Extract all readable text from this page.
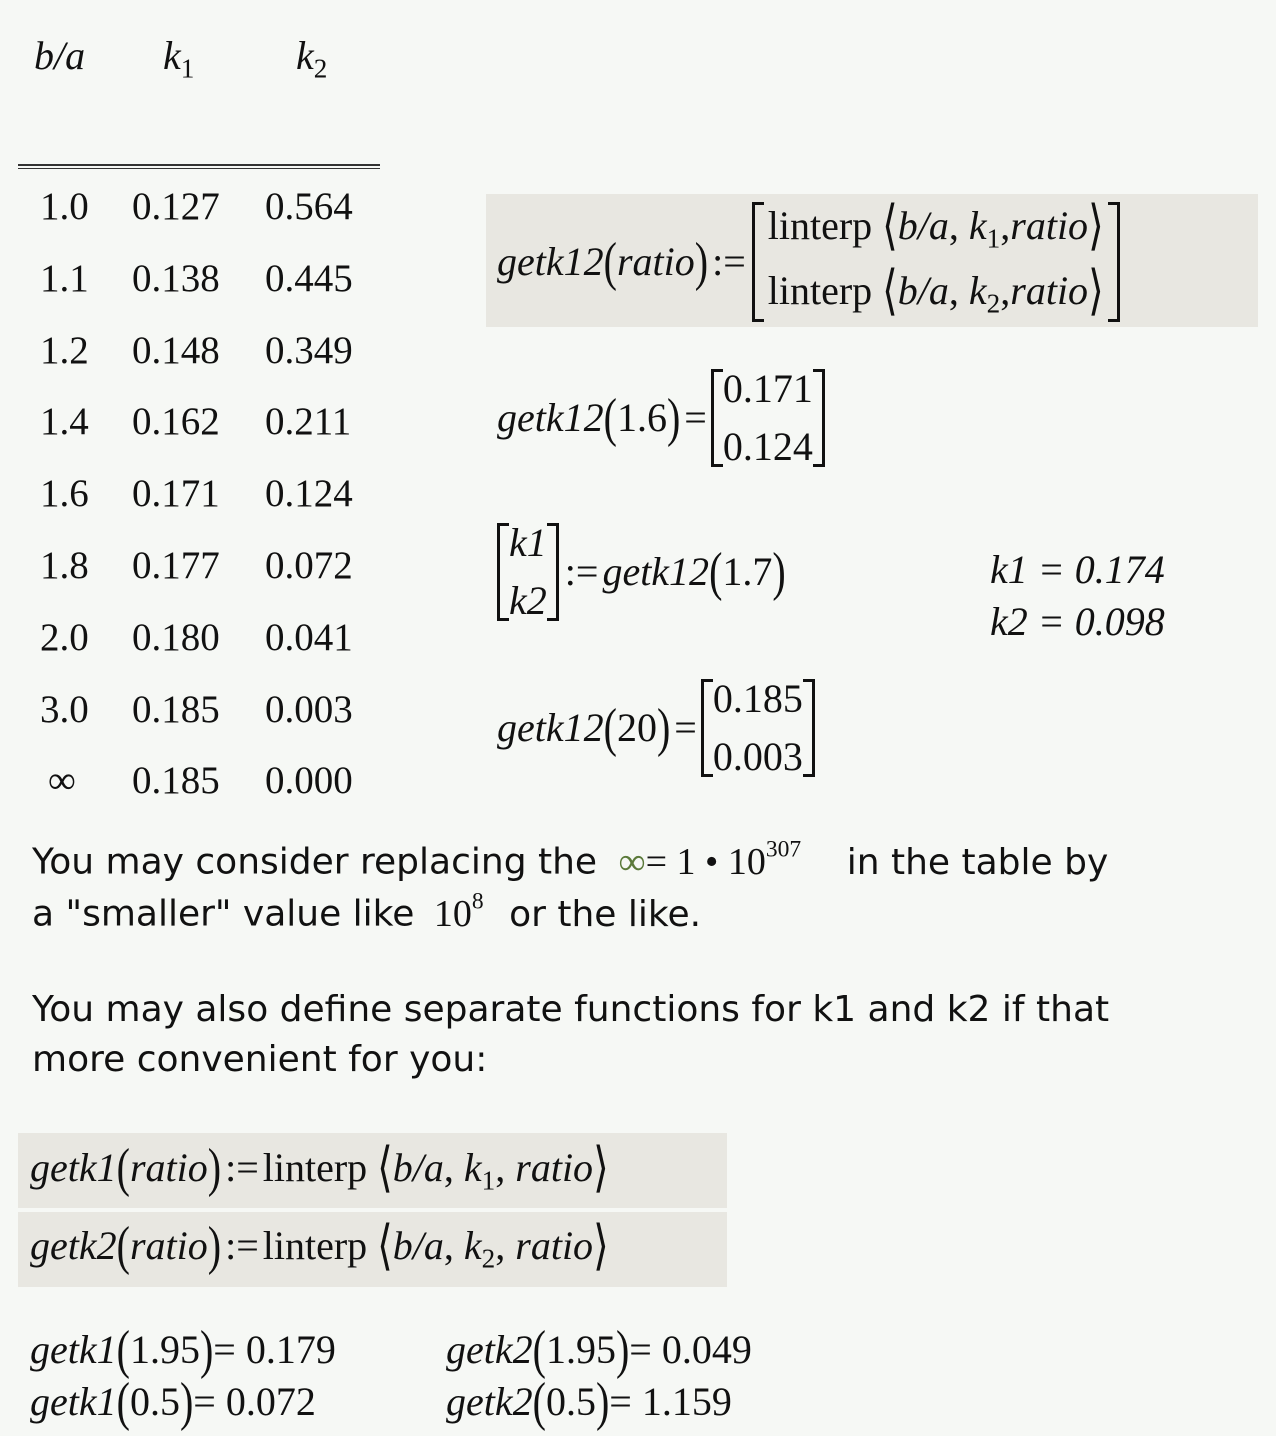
b/a $k_1$	$k_2$
1.0 0.127 0.564
1.1 0.138 0.445
1.2 0.148 0.349
1.4 0.162 0.211
1.6 0.171 0.124
1.8 0.177 0.072
2.0 0.180 0.041
3.0 0.185 0.003
∞ 0.185 0.000
getk12 ( ratio ) :=
linterp ⟨b/a, $k_1,ratio⟩$
linterp ⟨b/a, $k_2,ratio⟩$
getk12 ( 1.6 ) =
0.171
0.124
k1
k2
:= getk12 ( 1.7 )	k1 = 0.174
k2 = 0.098
getk12 ( 20 ) =
0.185
0.003
You may consider replacing the ∞= 1 • $10^{307}$ in the table by
a "smaller" value like $10^8$ or the like.
You may also define separate functions for k1 and k2 if that
more convenient for you:
getk1(ratio) := linterp ⟨b/a, $k_1$, ratio⟩
getk2(ratio) := linterp ⟨b/a, $k_2$, ratio⟩
getk1(1.95)= 0.179	getk2(1.95)= 0.049
getk1(0.5)= 0.072	getk2(0.5)= 1.159
